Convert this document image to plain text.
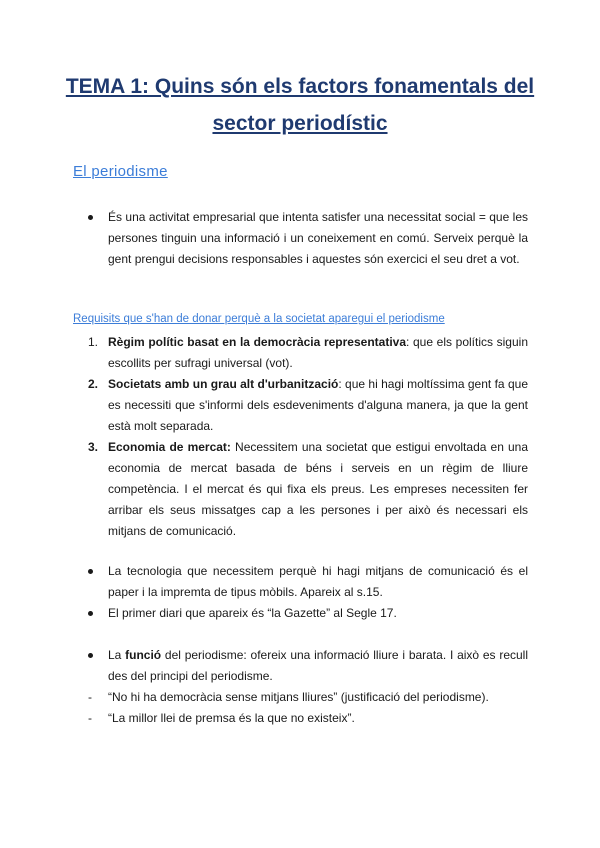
TEMA 1: Quins són els factors fonamentals del
sector periodístic
El periodisme
És una activitat empresarial que intenta satisfer una necessitat social = que les persones tinguin una informació i un coneixement en comú. Serveix perquè la gent prengui decisions responsables i aquestes són exercici el seu dret a vot.
Requisits que s'han de donar perquè a la societat aparegui el periodisme
1. Règim polític basat en la democràcia representativa: que els polítics siguin escollits per sufragi universal (vot).
2. Societats amb un grau alt d'urbanització: que hi hagi moltíssima gent fa que es necessiti que s'informi dels esdeveniments d'alguna manera, ja que la gent està molt separada.
3. Economia de mercat: Necessitem una societat que estigui envoltada en una economia de mercat basada de béns i serveis en un règim de lliure competència. I el mercat és qui fixa els preus. Les empreses necessiten fer arribar els seus missatges cap a les persones i per això és necessari els mitjans de comunicació.
La tecnologia que necessitem perquè hi hagi mitjans de comunicació és el paper i la impremta de tipus mòbils. Apareix al s.15.
El primer diari que apareix és “la Gazette” al Segle 17.
La funció del periodisme: ofereix una informació lliure i barata. I això es recull des del principi del periodisme.
- “No hi ha democràcia sense mitjans lliures” (justificació del periodisme).
- “La millor llei de premsa és la que no existeix”.
